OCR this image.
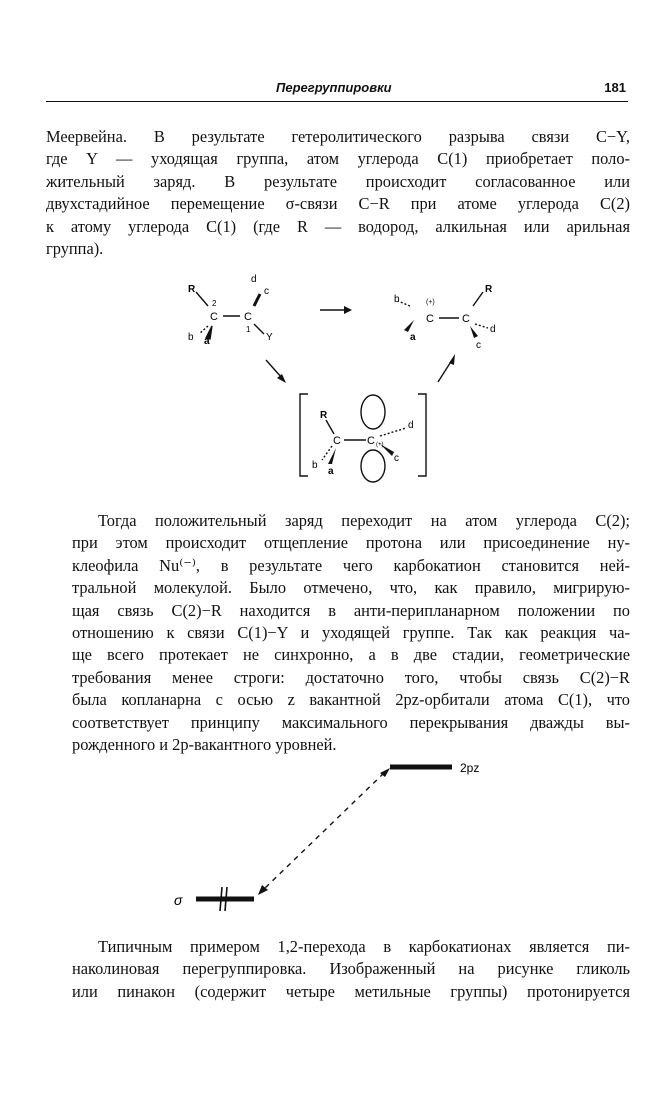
Перегруппировки	181
Меервейна. В результате гетеролитического разрыва связи C−Y,
где Y — уходящая группа, атом углерода C(1) приобретает поло-
жительный заряд. В результате происходит согласованное или
двухстадийное перемещение σ-связи C−R при атоме углерода C(2)
к атому углерода C(1) (где R — водород, алкильная или арильная
группа).
R
2
C C
1
d
c
b a	Y
b	(+)
C	C
R
a
d
c
R
C C (+)
d
b
a
c
Тогда положительный заряд переходит на атом углерода C(2);
при этом происходит отщепление протона или присоединение ну-
клеофила Nu⁽⁻⁾, в результате чего карбокатион становится ней-
тральной молекулой. Было отмечено, что, как правило, мигрирую-
щая связь C(2)−R находится в анти-перипланарном положении по
отношению к связи C(1)−Y и уходящей группе. Так как реакция ча-
ще всего протекает не синхронно, а в две стадии, геометрические
требования менее строги: достаточно того, чтобы связь C(2)−R
была копланарна с осью z вакантной 2pz-орбитали атома C(1), что
соответствует принципу максимального перекрывания дважды вы-
рожденного и 2p-вакантного уровней.
2pz
σ
Типичным примером 1,2-перехода в карбокатионах является пи-
наколиновая перегруппировка. Изображенный на рисунке гликоль
или пинакон (содержит четыре метильные группы) протонируется
